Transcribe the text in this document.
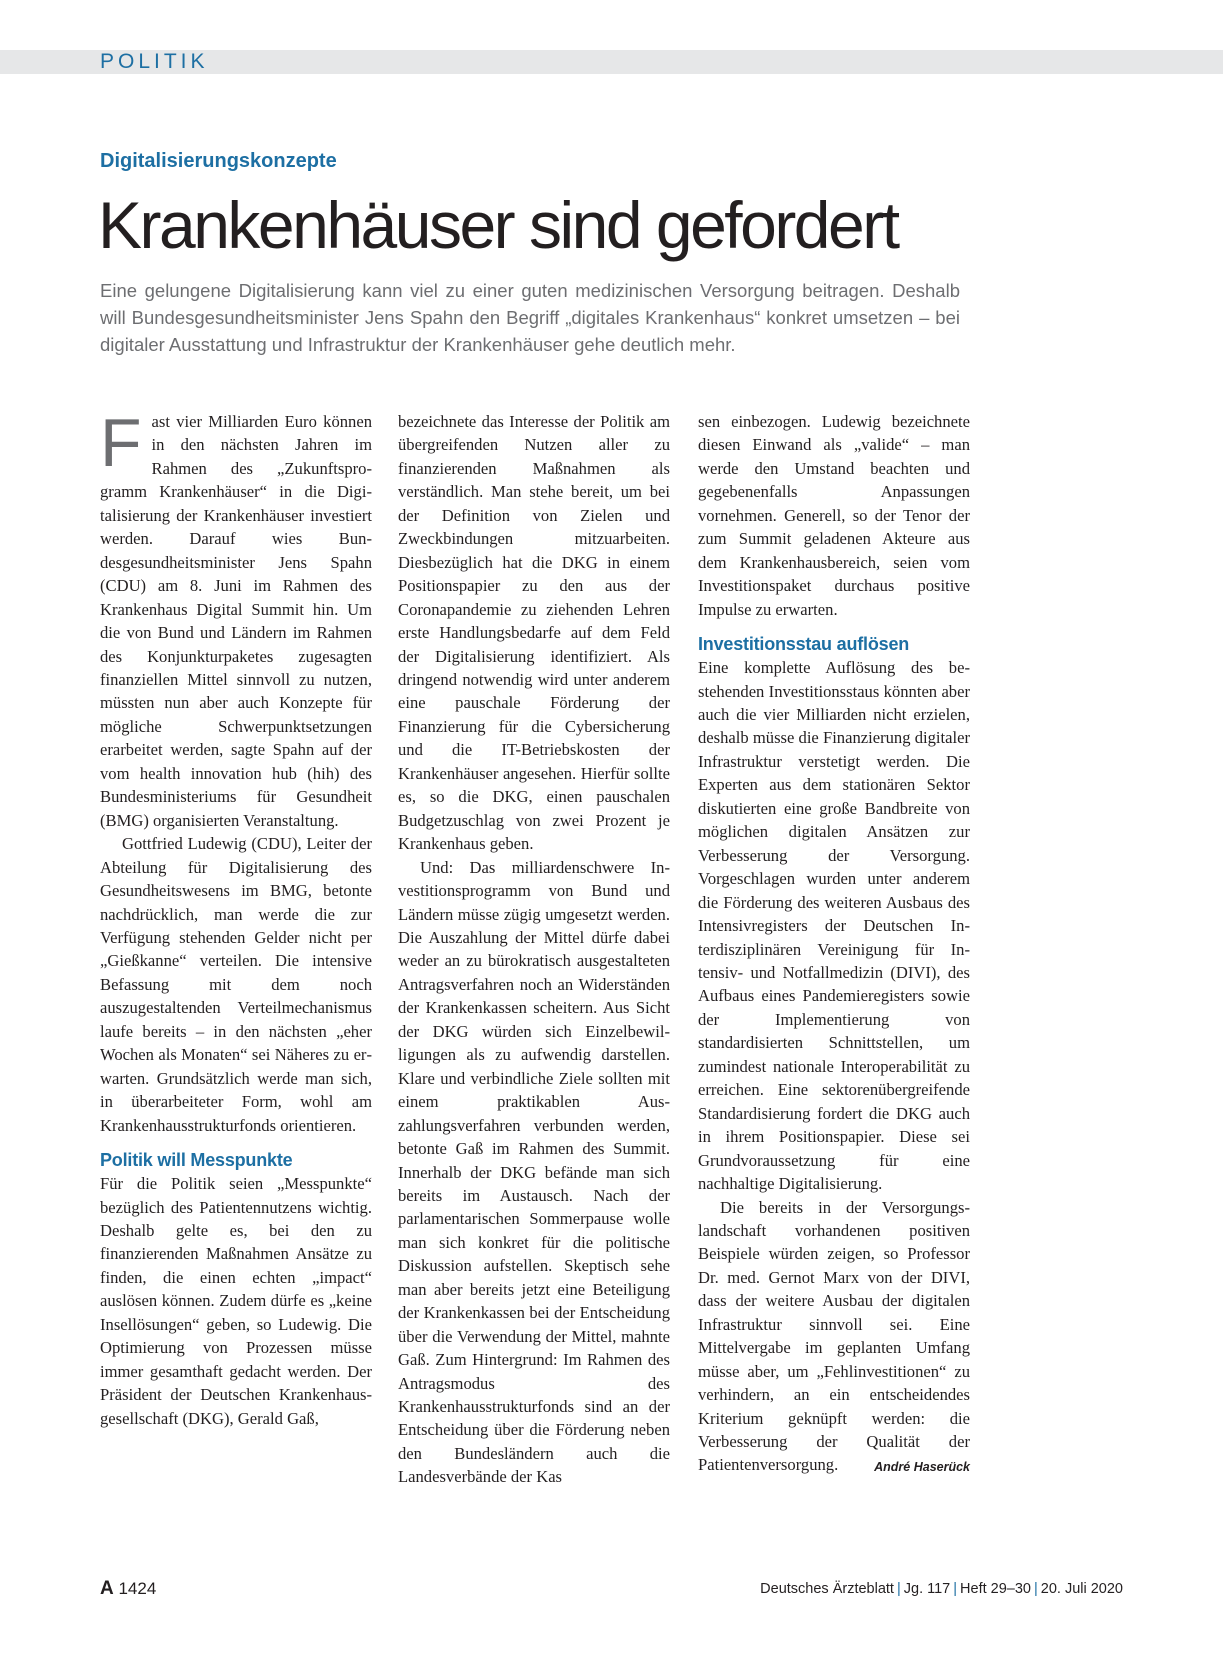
POLITIK
Digitalisierungskonzepte
Krankenhäuser sind gefordert
Eine gelungene Digitalisierung kann viel zu einer guten medizinischen Versorgung beitragen. Deshalb will Bundesgesundheitsminister Jens Spahn den Begriff „digitales Krankenhaus“ konkret umsetzen – bei digitaler Ausstattung und Infrastruktur der Krankenhäuser gehe deutlich mehr.
F ast vier Milliarden Euro können in den nächsten Jahren im Rahmen des „Zukunftsprogramm Krankenhäuser“ in die Digitalisierung der Krankenhäuser investiert werden. Darauf wies Bundesgesundheitsminister Jens Spahn (CDU) am 8. Juni im Rahmen des Krankenhaus Digital Summit hin. Um die von Bund und Ländern im Rahmen des Konjunkturpaketes zugesagten finanziellen Mittel sinnvoll zu nutzen, müssten nun aber auch Konzepte für mögliche Schwerpunktsetzungen erarbeitet werden, sagte Spahn auf der vom health innovation hub (hih) des Bundesministeriums für Gesundheit (BMG) organisierten Veranstaltung.

Gottfried Ludewig (CDU), Leiter der Abteilung für Digitalisierung des Gesundheitswesens im BMG, betonte nachdrücklich, man werde die zur Verfügung stehenden Gelder nicht per „Gießkanne“ verteilen. Die intensive Befassung mit dem noch auszugestaltenden Verteilmechanismus laufe bereits – in den nächsten „eher Wochen als Monaten“ sei Näheres zu erwarten. Grundsätzlich werde man sich, in überarbeiteter Form, wohl am Krankenhausstrukturfonds orientieren.

Politik will Messpunkte

Für die Politik seien „Messpunkte“ bezüglich des Patientennutzens wichtig. Deshalb gelte es, bei den zu finanzierenden Maßnahmen Ansätze zu finden, die einen echten „impact“ auslösen können. Zudem dürfe es „keine Insellösungen“ geben, so Ludewig. Die Optimierung von Prozessen müsse immer gesamthaft gedacht werden. Der Präsident der Deutschen Krankenhausgesellschaft (DKG), Gerald Gaß,

bezeichnete das Interesse der Politik am übergreifenden Nutzen aller zu finanzierenden Maßnahmen als verständlich. Man stehe bereit, um bei der Definition von Zielen und Zweckbindungen mitzuarbeiten. Diesbezüglich hat die DKG in einem Positionspapier zu den aus der Coronapandemie zu ziehenden Lehren erste Handlungsbedarfe auf dem Feld der Digitalisierung identifiziert. Als dringend notwendig wird unter anderem eine pauschale Förderung der Finanzierung für die Cybersicherung und die IT-Betriebskosten der Krankenhäuser angesehen. Hierfür sollte es, so die DKG, einen pauschalen Budgetzuschlag von zwei Prozent je Krankenhaus geben.

Und: Das milliardenschwere Investitionsprogramm von Bund und Ländern müsse zügig umgesetzt werden. Die Auszahlung der Mittel dürfe dabei weder an zu bürokratisch ausgestalteten Antragsverfahren noch an Widerständen der Krankenkassen scheitern. Aus Sicht der DKG würden sich Einzelbewilligungen als zu aufwendig darstellen. Klare und verbindliche Ziele sollten mit einem praktikablen Auszahlungsverfahren verbunden werden, betonte Gaß im Rahmen des Summit. Innerhalb der DKG befände man sich bereits im Austausch. Nach der parlamentarischen Sommerpause wolle man sich konkret für die politische Diskussion aufstellen. Skeptisch sehe man aber bereits jetzt eine Beteiligung der Krankenkassen bei der Entscheidung über die Verwendung der Mittel, mahnte Gaß. Zum Hintergrund: Im Rahmen des Antragsmodus des Krankenhausstrukturfonds sind an der Entscheidung über die Förderung neben den Bundesländern auch die Landesverbände der Kas

sen einbezogen. Ludewig bezeichnete diesen Einwand als „valide“ – man werde den Umstand beachten und gegebenenfalls Anpassungen vornehmen. Generell, so der Tenor der zum Summit geladenen Akteure aus dem Krankenhausbereich, seien vom Investitionspaket durchaus positive Impulse zu erwarten.

Investitionsstau auflösen

Eine komplette Auflösung des bestehenden Investitionsstaus könnten aber auch die vier Milliarden nicht erzielen, deshalb müsse die Finanzierung digitaler Infrastruktur verstetigt werden. Die Experten aus dem stationären Sektor diskutierten eine große Bandbreite von möglichen digitalen Ansätzen zur Verbesserung der Versorgung. Vorgeschlagen wurden unter anderem die Förderung des weiteren Ausbaus des Intensivregisters der Deutschen Interdisziplinären Vereinigung für Intensiv- und Notfallmedizin (DIVI), des Aufbaus eines Pandemieregisters sowie der Implementierung von standardisierten Schnittstellen, um zumindest nationale Interoperabilität zu erreichen. Eine sektorenübergreifende Standardisierung fordert die DKG auch in ihrem Positionspapier. Diese sei Grundvoraussetzung für eine nachhaltige Digitalisierung.

Die bereits in der Versorgungslandschaft vorhandenen positiven Beispiele würden zeigen, so Professor Dr. med. Gernot Marx von der DIVI, dass der weitere Ausbau der digitalen Infrastruktur sinnvoll sei. Eine Mittelvergabe im geplanten Umfang müsse aber, um „Fehlinvestitionen“ zu verhindern, an ein entscheidendes Kriterium geknüpft werden: die Verbesserung der Qualität der Patientenversorgung.	André Haserück

A 1424	Deutsches Ärzteblatt | Jg. 117 | Heft 29–30 | 20. Juli 2020
